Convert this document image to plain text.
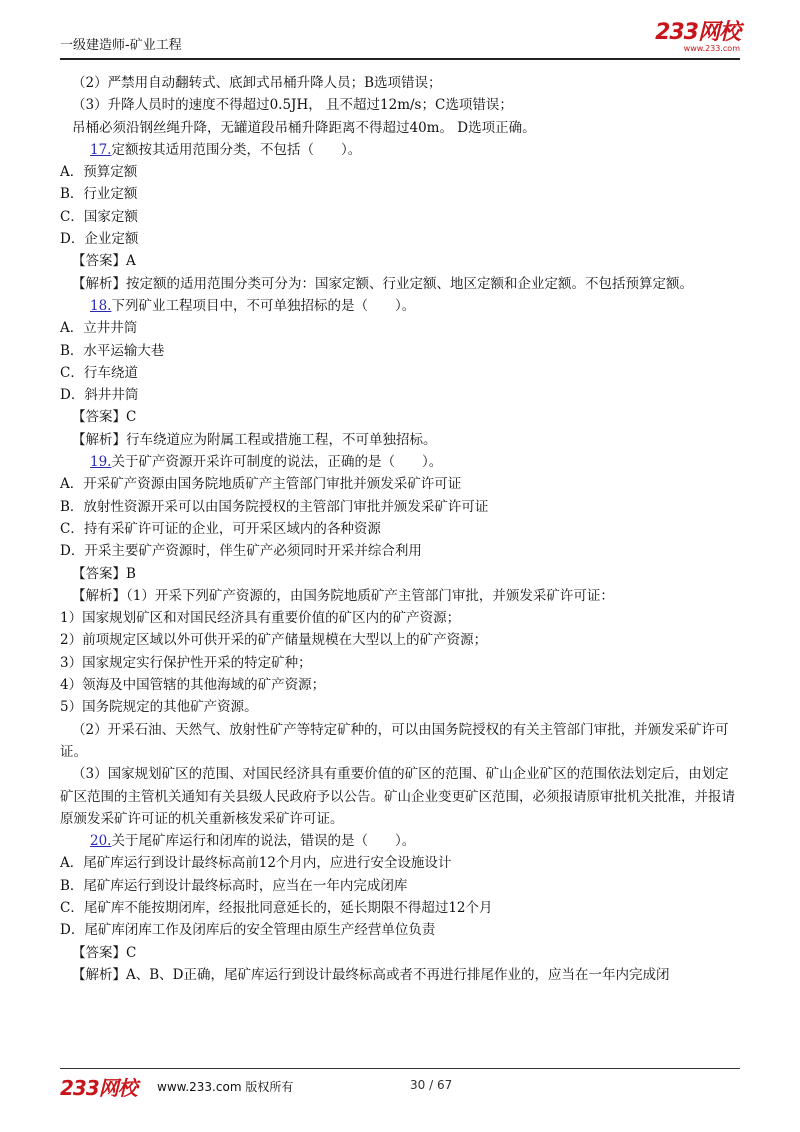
一级建造师-矿业工程
233网校
www.233.com
（2）严禁用自动翻转式、底卸式吊桶升降人员；B选项错误；
（3）升降人员时的速度不得超过0.5JH， 且不超过12m/s；C选项错误；
吊桶必须沿钢丝绳升降，无罐道段吊桶升降距离不得超过40m。 D选项正确。
17.定额按其适用范围分类，不包括（　　）。
A．预算定额
B．行业定额
C．国家定额
D．企业定额
【答案】A
【解析】按定额的适用范围分类可分为：国家定额、行业定额、地区定额和企业定额。不包括预算定额。
18.下列矿业工程项目中，不可单独招标的是（　　）。
A．立井井筒
B．水平运输大巷
C．行车绕道
D．斜井井筒
【答案】C
【解析】行车绕道应为附属工程或措施工程，不可单独招标。
19.关于矿产资源开采许可制度的说法，正确的是（　　）。
A．开采矿产资源由国务院地质矿产主管部门审批并颁发采矿许可证
B．放射性资源开采可以由国务院授权的主管部门审批并颁发采矿许可证
C．持有采矿许可证的企业，可开采区域内的各种资源
D．开采主要矿产资源时，伴生矿产必须同时开采并综合利用
【答案】B
【解析】（1）开采下列矿产资源的，由国务院地质矿产主管部门审批，并颁发采矿许可证：
1）国家规划矿区和对国民经济具有重要价值的矿区内的矿产资源；
2）前项规定区域以外可供开采的矿产储量规模在大型以上的矿产资源；
3）国家规定实行保护性开采的特定矿种；
4）领海及中国管辖的其他海域的矿产资源；
5）国务院规定的其他矿产资源。
（2）开采石油、天然气、放射性矿产等特定矿种的，可以由国务院授权的有关主管部门审批，并颁发采矿许可证。
（3）国家规划矿区的范围、对国民经济具有重要价值的矿区的范围、矿山企业矿区的范围依法划定后，由划定矿区范围的主管机关通知有关县级人民政府予以公告。矿山企业变更矿区范围，必须报请原审批机关批准，并报请原颁发采矿许可证的机关重新核发采矿许可证。
20.关于尾矿库运行和闭库的说法，错误的是（　　）。
A．尾矿库运行到设计最终标高前12个月内，应进行安全设施设计
B．尾矿库运行到设计最终标高时，应当在一年内完成闭库
C．尾矿库不能按期闭库，经报批同意延长的，延长期限不得超过12个月
D．尾矿库闭库工作及闭库后的安全管理由原生产经营单位负责
【答案】C
【解析】A、B、D正确，尾矿库运行到设计最终标高或者不再进行排尾作业的，应当在一年内完成闭
233网校 www.233.com 版权所有	30 / 67
